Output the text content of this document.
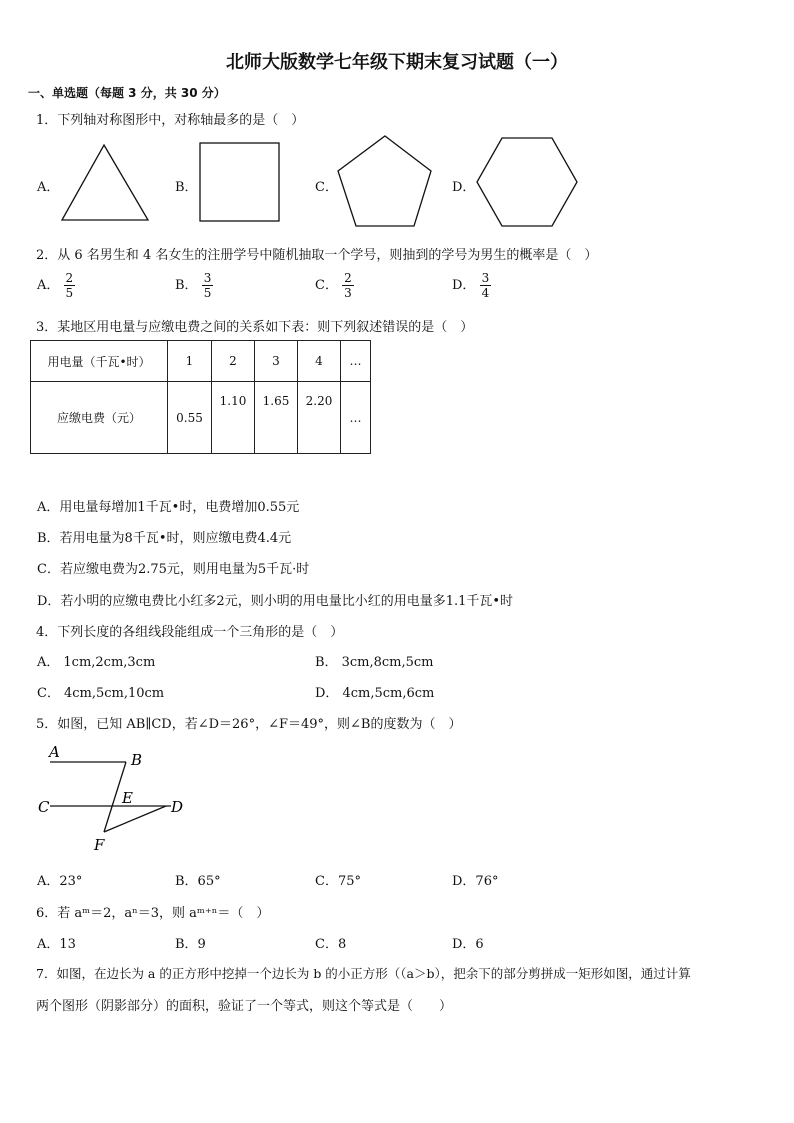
北师大版数学七年级下期末复习试题（一）
一、单选题（每题 3 分，共 30 分）
1．下列轴对称图形中，对称轴最多的是（　）
A．	B．	C．	D．
2．从 6 名男生和 4 名女生的注册学号中随机抽取一个学号，则抽到的学号为男生的概率是（　）
A． $\frac{2}{5}$	B． $\frac{3}{5}$	C． $\frac{2}{3}$	D． $\frac{3}{4}$
3．某地区用电量与应缴电费之间的关系如下表：则下列叙述错误的是（　）
用电量（千瓦•时）	1	2	3	4	…
应缴电费（元）	0.55	1.10	1.65	2.20	…
A．用电量每增加1千瓦•时，电费增加0.55元
B．若用电量为8千瓦•时，则应缴电费4.4元
C．若应缴电费为2.75元，则用电量为5千瓦·时
D．若小明的应缴电费比小红多2元，则小明的用电量比小红的用电量多1.1千瓦•时
4．下列长度的各组线段能组成一个三角形的是（　）
A． 1cm,2cm,3cm	B． 3cm,8cm,5cm
C． 4cm,5cm,10cm	D． 4cm,5cm,6cm
5．如图，已知 AB∥CD，若∠D＝26°，∠F＝49°，则∠B的度数为（　）
A	B
C	E	D
F
A．23°	B．65°	C．75°	D．76°
6．若 aᵐ＝2，aⁿ＝3，则 aᵐ⁺ⁿ＝（　）
A．13	B．9	C．8	D．6
7．如图，在边长为 a 的正方形中挖掉一个边长为 b 的小正方形（（a＞b），把余下的部分剪拼成一矩形如图，通过计算
两个图形（阴影部分）的面积，验证了一个等式，则这个等式是（　　）
